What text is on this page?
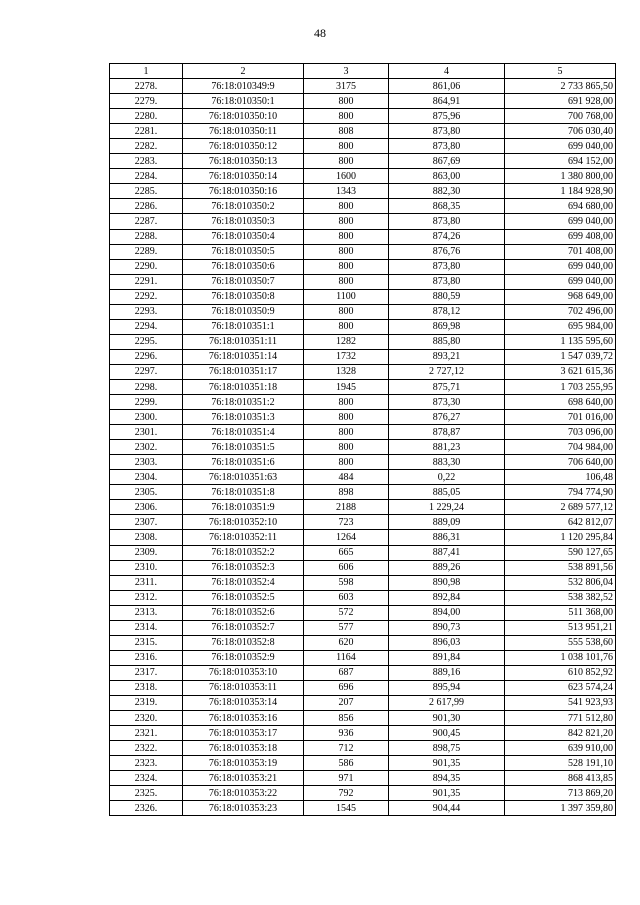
48
1	2	3	4	5
2278.	76:18:010349:9	3175	861,06	2 733 865,50
2279.	76:18:010350:1	800	864,91	691 928,00
2280.	76:18:010350:10	800	875,96	700 768,00
2281.	76:18:010350:11	808	873,80	706 030,40
2282.	76:18:010350:12	800	873,80	699 040,00
2283.	76:18:010350:13	800	867,69	694 152,00
2284.	76:18:010350:14	1600	863,00	1 380 800,00
2285.	76:18:010350:16	1343	882,30	1 184 928,90
2286.	76:18:010350:2	800	868,35	694 680,00
2287.	76:18:010350:3	800	873,80	699 040,00
2288.	76:18:010350:4	800	874,26	699 408,00
2289.	76:18:010350:5	800	876,76	701 408,00
2290.	76:18:010350:6	800	873,80	699 040,00
2291.	76:18:010350:7	800	873,80	699 040,00
2292.	76:18:010350:8	1100	880,59	968 649,00
2293.	76:18:010350:9	800	878,12	702 496,00
2294.	76:18:010351:1	800	869,98	695 984,00
2295.	76:18:010351:11	1282	885,80	1 135 595,60
2296.	76:18:010351:14	1732	893,21	1 547 039,72
2297.	76:18:010351:17	1328	2 727,12	3 621 615,36
2298.	76:18:010351:18	1945	875,71	1 703 255,95
2299.	76:18:010351:2	800	873,30	698 640,00
2300.	76:18:010351:3	800	876,27	701 016,00
2301.	76:18:010351:4	800	878,87	703 096,00
2302.	76:18:010351:5	800	881,23	704 984,00
2303.	76:18:010351:6	800	883,30	706 640,00
2304.	76:18:010351:63	484	0,22	106,48
2305.	76:18:010351:8	898	885,05	794 774,90
2306.	76:18:010351:9	2188	1 229,24	2 689 577,12
2307.	76:18:010352:10	723	889,09	642 812,07
2308.	76:18:010352:11	1264	886,31	1 120 295,84
2309.	76:18:010352:2	665	887,41	590 127,65
2310.	76:18:010352:3	606	889,26	538 891,56
2311.	76:18:010352:4	598	890,98	532 806,04
2312.	76:18:010352:5	603	892,84	538 382,52
2313.	76:18:010352:6	572	894,00	511 368,00
2314.	76:18:010352:7	577	890,73	513 951,21
2315.	76:18:010352:8	620	896,03	555 538,60
2316.	76:18:010352:9	1164	891,84	1 038 101,76
2317.	76:18:010353:10	687	889,16	610 852,92
2318.	76:18:010353:11	696	895,94	623 574,24
2319.	76:18:010353:14	207	2 617,99	541 923,93
2320.	76:18:010353:16	856	901,30	771 512,80
2321.	76:18:010353:17	936	900,45	842 821,20
2322.	76:18:010353:18	712	898,75	639 910,00
2323.	76:18:010353:19	586	901,35	528 191,10
2324.	76:18:010353:21	971	894,35	868 413,85
2325.	76:18:010353:22	792	901,35	713 869,20
2326.	76:18:010353:23	1545	904,44	1 397 359,80
